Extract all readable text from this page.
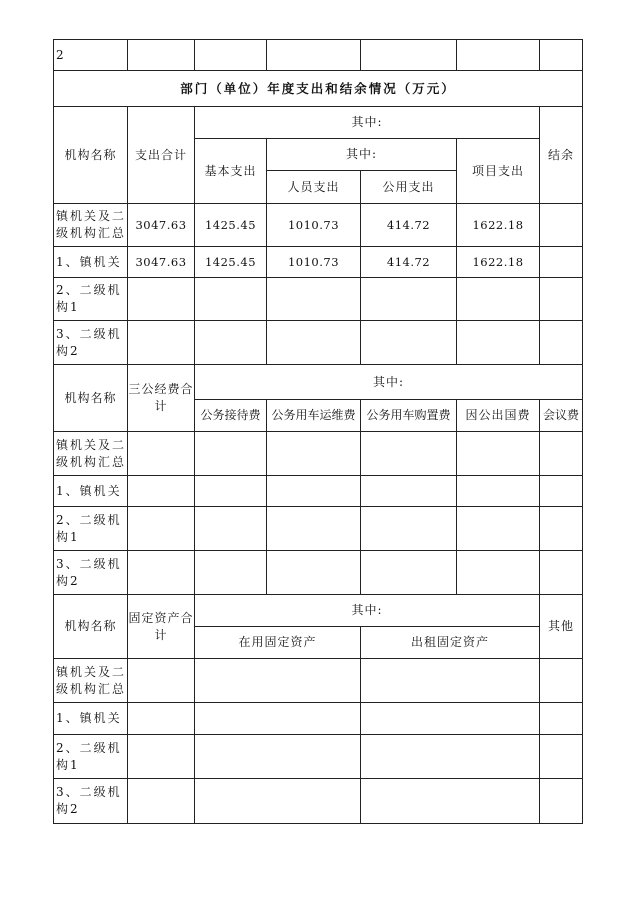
2						
部门（单位）年度支出和结余情况（万元）						
机构名称	支出合计	其中:				结余
		基本支出	其中:		项目支出	
			人员支出	公用支出		
镇机关及二级机构汇总	3047.63	1425.45	1010.73	414.72	1622.18	
1、镇机关	3047.63	1425.45	1010.73	414.72	1622.18	
2、二级机构1						
3、二级机构2						
机构名称	三公经费合计	其中:				
		公务接待费	公务用车运维费	公务用车购置费	因公出国费	会议费
镇机关及二级机构汇总						
1、镇机关						
2、二级机构1						
3、二级机构2						
机构名称	固定资产合计	其中:				其他
		在用固定资产		出租固定资产		
镇机关及二级机构汇总						
1、镇机关						
2、二级机构1						
3、二级机构2						
